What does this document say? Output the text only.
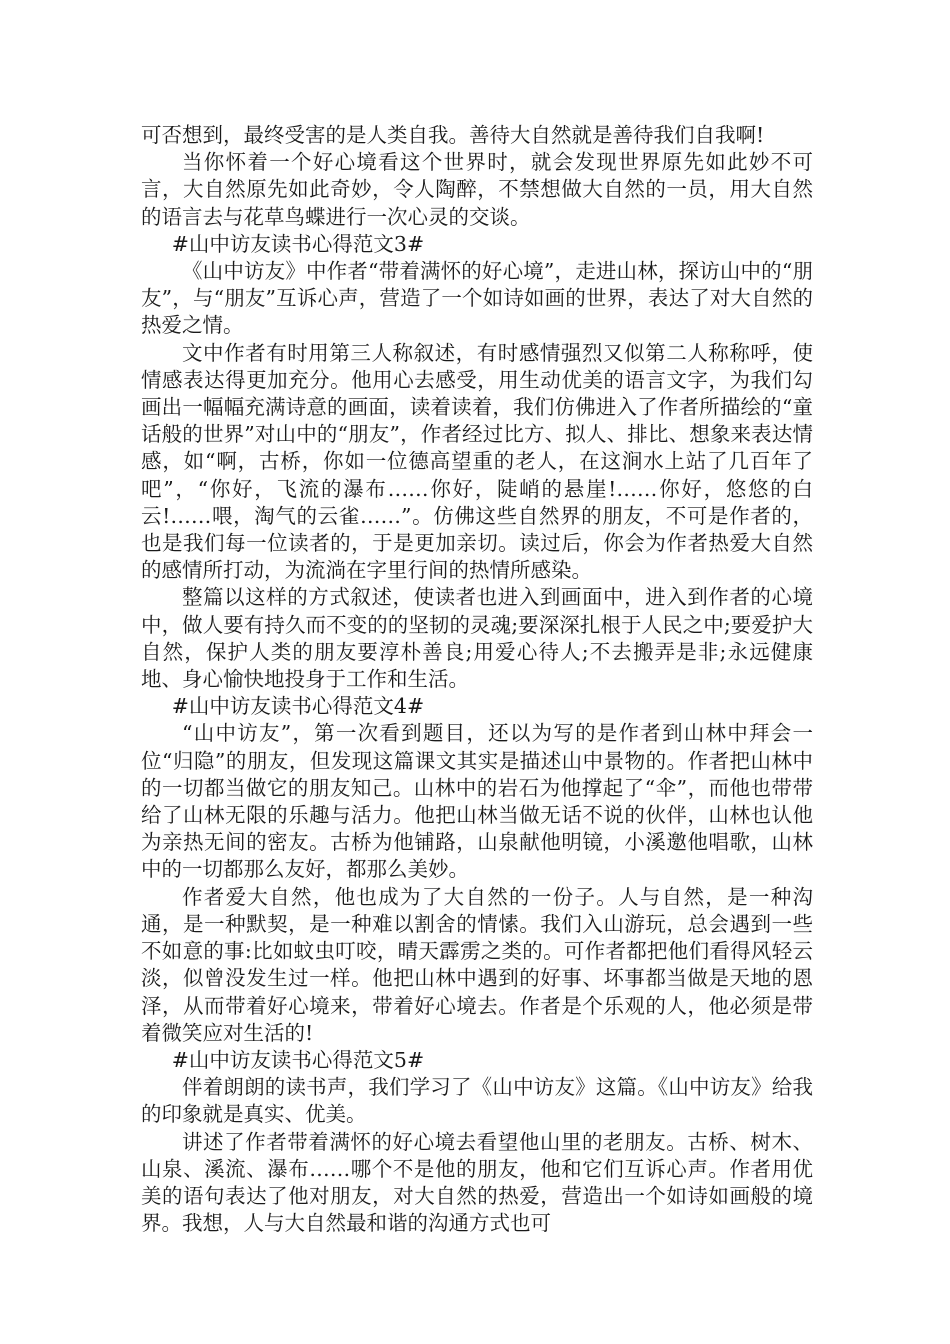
可否想到，最终受害的是人类自我。善待大自然就是善待我们自我啊!

当你怀着一个好心境看这个世界时，就会发现世界原先如此妙不可言，大自然原先如此奇妙，令人陶醉，不禁想做大自然的一员，用大自然的语言去与花草鸟蝶进行一次心灵的交谈。

#山中访友读书心得范文3#

《山中访友》中作者“带着满怀的好心境”，走进山林，探访山中的“朋友”，与“朋友”互诉心声，营造了一个如诗如画的世界，表达了对大自然的热爱之情。

文中作者有时用第三人称叙述，有时感情强烈又似第二人称称呼，使情感表达得更加充分。他用心去感受，用生动优美的语言文字，为我们勾画出一幅幅充满诗意的画面，读着读着，我们仿佛进入了作者所描绘的“童话般的世界”对山中的“朋友”，作者经过比方、拟人、排比、想象来表达情感，如“啊，古桥，你如一位德高望重的老人，在这涧水上站了几百年了吧”，“你好，飞流的瀑布……你好，陡峭的悬崖!……你好，悠悠的白云!……喂，淘气的云雀……”。仿佛这些自然界的朋友，不可是作者的，也是我们每一位读者的，于是更加亲切。读过后，你会为作者热爱大自然的感情所打动，为流淌在字里行间的热情所感染。

整篇以这样的方式叙述，使读者也进入到画面中，进入到作者的心境中，做人要有持久而不变的的坚韧的灵魂;要深深扎根于人民之中;要爱护大自然，保护人类的朋友要淳朴善良;用爱心待人;不去搬弄是非;永远健康地、身心愉快地投身于工作和生活。

#山中访友读书心得范文4#

“山中访友”，第一次看到题目，还以为写的是作者到山林中拜会一位“归隐”的朋友，但发现这篇课文其实是描述山中景物的。作者把山林中的一切都当做它的朋友知己。山林中的岩石为他撑起了“伞”，而他也带带给了山林无限的乐趣与活力。他把山林当做无话不说的伙伴，山林也认他为亲热无间的密友。古桥为他铺路，山泉献他明镜，小溪邀他唱歌，山林中的一切都那么友好，都那么美妙。

作者爱大自然，他也成为了大自然的一份子。人与自然，是一种沟通，是一种默契，是一种难以割舍的情愫。我们入山游玩，总会遇到一些不如意的事:比如蚊虫叮咬，晴天霹雳之类的。可作者都把他们看得风轻云淡，似曾没发生过一样。他把山林中遇到的好事、坏事都当做是天地的恩泽，从而带着好心境来，带着好心境去。作者是个乐观的人，他必须是带着微笑应对生活的!

#山中访友读书心得范文5#

伴着朗朗的读书声，我们学习了《山中访友》这篇。《山中访友》给我的印象就是真实、优美。

讲述了作者带着满怀的好心境去看望他山里的老朋友。古桥、树木、山泉、溪流、瀑布……哪个不是他的朋友，他和它们互诉心声。作者用优美的语句表达了他对朋友，对大自然的热爱，营造出一个如诗如画般的境界。我想，人与大自然最和谐的沟通方式也可
